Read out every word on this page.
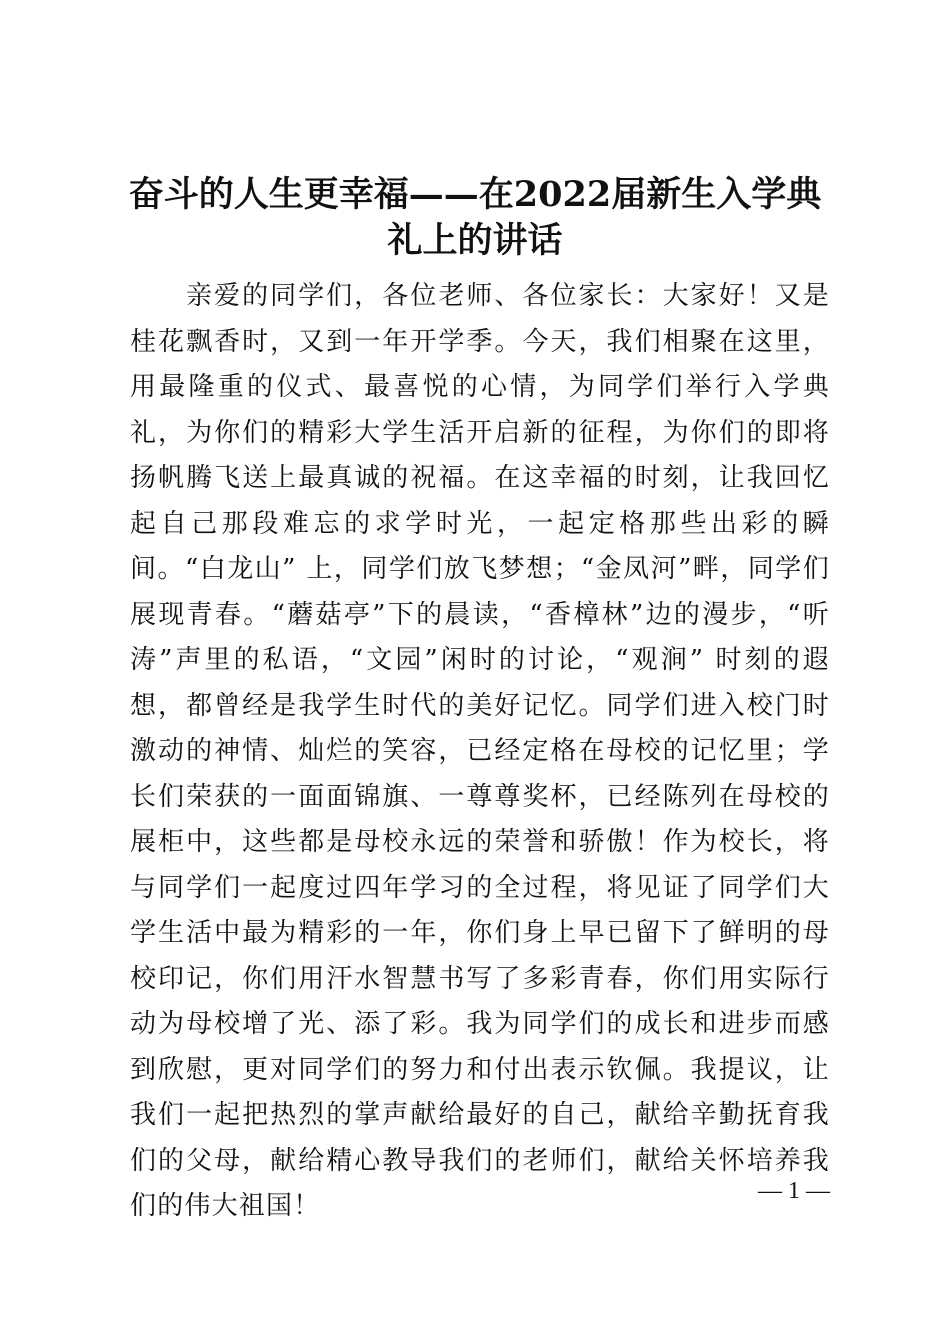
奋斗的人生更幸福——在2022届新生入学典礼上的讲话

亲爱的同学们，各位老师、各位家长：大家好！又是桂花飘香时，又到一年开学季。今天，我们相聚在这里，用最隆重的仪式、最喜悦的心情，为同学们举行入学典礼，为你们的精彩大学生活开启新的征程，为你们的即将扬帆腾飞送上最真诚的祝福。在这幸福的时刻，让我回忆起自己那段难忘的求学时光，一起定格那些出彩的瞬间。“白龙山” 上，同学们放飞梦想；“金凤河”畔，同学们展现青春。“蘑菇亭”下的晨读，“香樟林”边的漫步，“听涛”声里的私语，“文园”闲时的讨论，“观涧” 时刻的遐想，都曾经是我学生时代的美好记忆。同学们进入校门时激动的神情、灿烂的笑容，已经定格在母校的记忆里；学长们荣获的一面面锦旗、一尊尊奖杯，已经陈列在母校的展柜中，这些都是母校永远的荣誉和骄傲！作为校长，将与同学们一起度过四年学习的全过程，将见证了同学们大学生活中最为精彩的一年，你们身上早已留下了鲜明的母校印记，你们用汗水智慧书写了多彩青春，你们用实际行动为母校增了光、添了彩。我为同学们的成长和进步而感到欣慰，更对同学们的努力和付出表示钦佩。我提议，让我们一起把热烈的掌声献给最好的自己，献给辛勤抚育我们的父母，献给精心教导我们的老师们，献给关怀培养我们的伟大祖国！	— 1 —
